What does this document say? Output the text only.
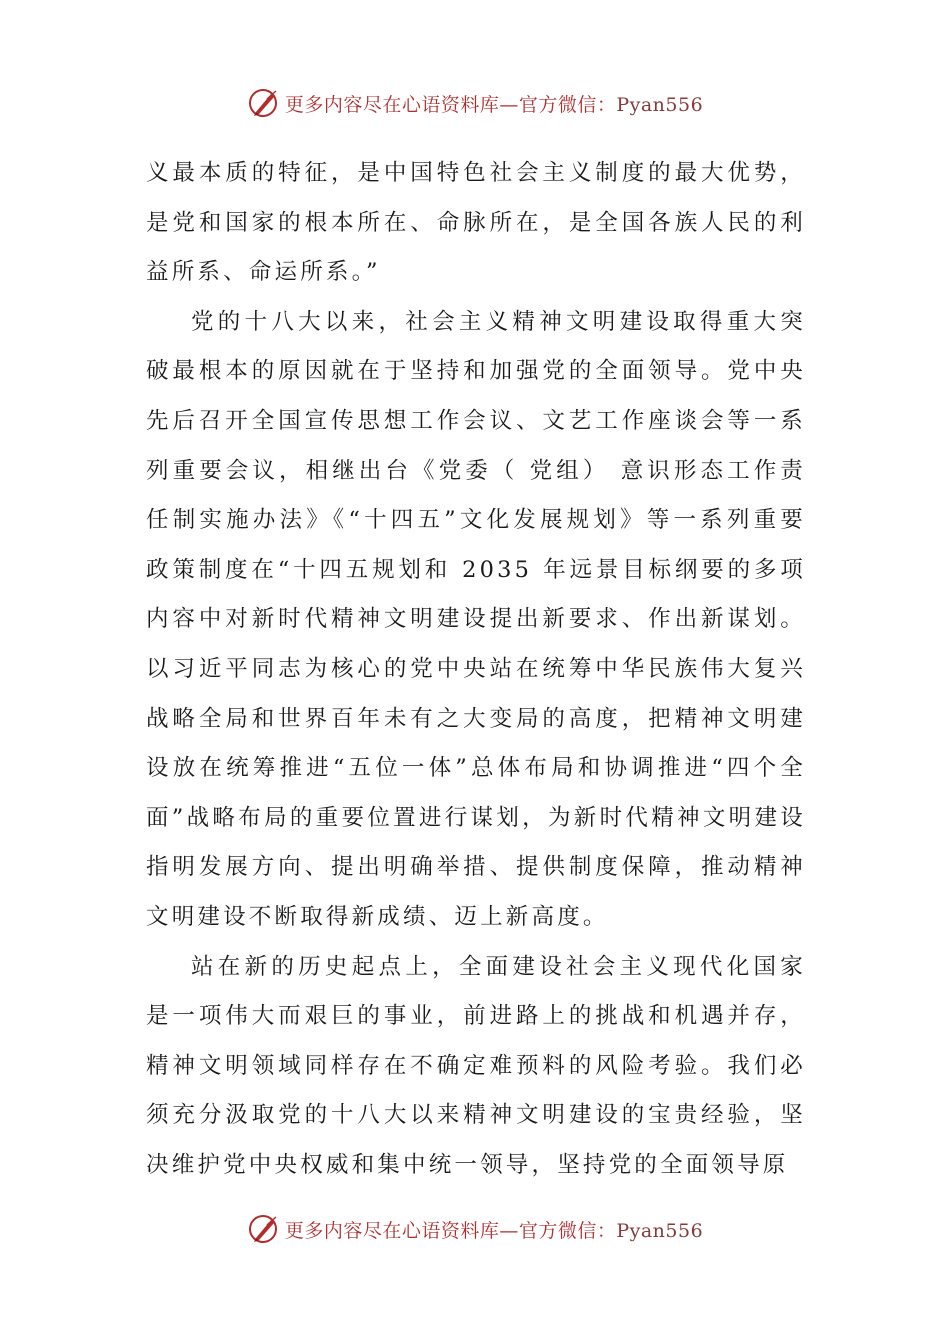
更多内容尽在心语资料库—官方微信：Pyan556

义最本质的特征，是中国特色社会主义制度的最大优势，是党和国家的根本所在、命脉所在，是全国各族人民的利益所系、命运所系。”

党的十八大以来，社会主义精神文明建设取得重大突破最根本的原因就在于坚持和加强党的全面领导。党中央先后召开全国宣传思想工作会议、文艺工作座谈会等一系列重要会议，相继出台《党委（ 党组） 意识形态工作责任制实施办法》《“十四五”文化发展规划》等一系列重要政策制度在“十四五规划和 2035 年远景目标纲要的多项内容中对新时代精神文明建设提出新要求、作出新谋划。以习近平同志为核心的党中央站在统筹中华民族伟大复兴战略全局和世界百年未有之大变局的高度，把精神文明建设放在统筹推进“五位一体”总体布局和协调推进“四个全面”战略布局的重要位置进行谋划，为新时代精神文明建设指明发展方向、提出明确举措、提供制度保障，推动精神文明建设不断取得新成绩、迈上新高度。

站在新的历史起点上，全面建设社会主义现代化国家是一项伟大而艰巨的事业，前进路上的挑战和机遇并存，精神文明领域同样存在不确定难预料的风险考验。我们必须充分汲取党的十八大以来精神文明建设的宝贵经验，坚决维护党中央权威和集中统一领导，坚持党的全面领导原

更多内容尽在心语资料库—官方微信：Pyan556
